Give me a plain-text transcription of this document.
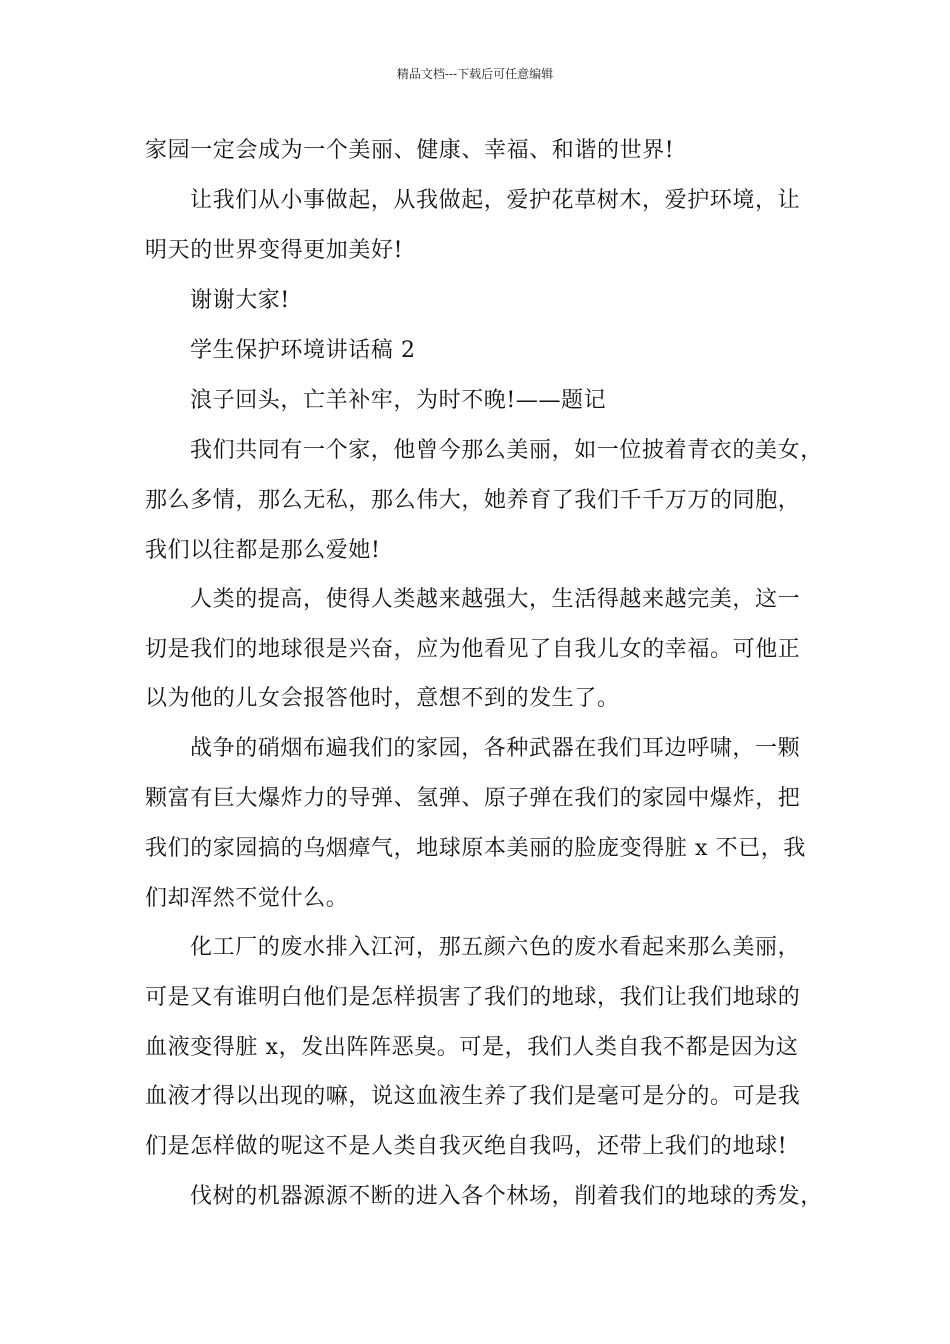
精品文档---下载后可任意编辑
家园一定会成为一个美丽、健康、幸福、和谐的世界!
让我们从小事做起，从我做起，爱护花草树木，爱护环境，让
明天的世界变得更加美好!
谢谢大家!
学生保护环境讲话稿 2
浪子回头，亡羊补牢，为时不晚!——题记
我们共同有一个家，他曾今那么美丽，如一位披着青衣的美女，
那么多情，那么无私，那么伟大，她养育了我们千千万万的同胞，
我们以往都是那么爱她!
人类的提高，使得人类越来越强大，生活得越来越完美，这一
切是我们的地球很是兴奋，应为他看见了自我儿女的幸福。可他正
以为他的儿女会报答他时，意想不到的发生了。
战争的硝烟布遍我们的家园，各种武器在我们耳边呼啸，一颗
颗富有巨大爆炸力的导弹、氢弹、原子弹在我们的家园中爆炸，把
我们的家园搞的乌烟瘴气，地球原本美丽的脸庞变得脏 x 不已，我
们却浑然不觉什么。
化工厂的废水排入江河，那五颜六色的废水看起来那么美丽，
可是又有谁明白他们是怎样损害了我们的地球，我们让我们地球的
血液变得脏 x，发出阵阵恶臭。可是，我们人类自我不都是因为这
血液才得以出现的嘛，说这血液生养了我们是毫可是分的。可是我
们是怎样做的呢这不是人类自我灭绝自我吗，还带上我们的地球!
伐树的机器源源不断的进入各个林场，削着我们的地球的秀发，
